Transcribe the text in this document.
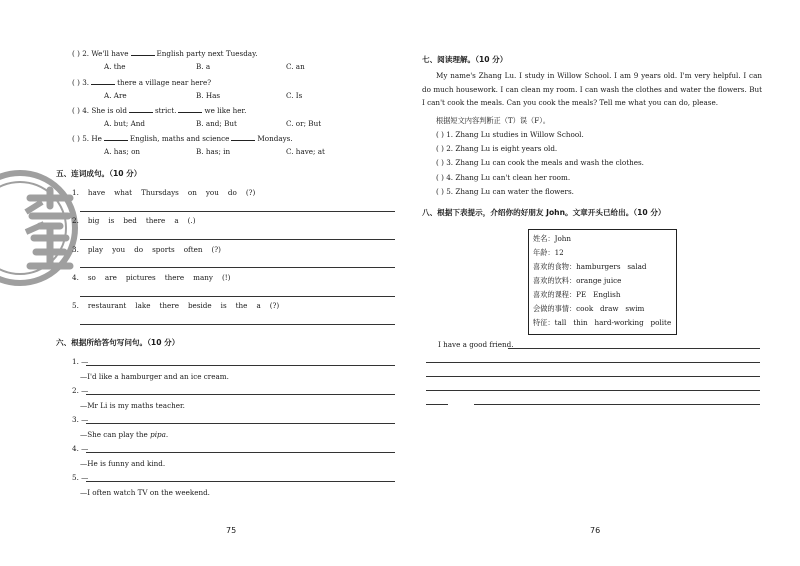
( ) 2. We'll have	English party next Tuesday.
A. the	B. a	C. an
( ) 3.	there a village near here?
A. Are	B. Has	C. Is
( ) 4. She is old	strict.	we like her.
A. but; And	B. and; But	C. or; But
( ) 5. He	English, maths and science	Mondays.
A. has; on	B. has; in	C. have; at
五、连词成句。（10 分）
1. have what Thursdays on you do (?)
2. big is bed there a (.)
3. play you do sports often (?)
4. so are pictures there many (!)
5. restaurant lake there beside is the a (?)
六、根据所给答句写问句。（10 分）
1. —
—I'd like a hamburger and an ice cream.
2. —
—Mr Li is my maths teacher.
3. —
—She can play the pipa.
4. —
—He is funny and kind.
5. —
—I often watch TV on the weekend.
75
七、阅读理解。（10 分）
My name's Zhang Lu. I study in Willow School. I am 9 years old. I'm very helpful. I can do much housework. I can clean my room. I can wash the clothes and water the flowers. But I can't cook the meals. Can you cook the meals? Tell me what you can do, please.
根据短文内容判断正（T）误（F）。
( ) 1. Zhang Lu studies in Willow School.
( ) 2. Zhang Lu is eight years old.
( ) 3. Zhang Lu can cook the meals and wash the clothes.
( ) 4. Zhang Lu can't clean her room.
( ) 5. Zhang Lu can water the flowers.
八、根据下表提示，介绍你的好朋友 John。文章开头已给出。（10 分）
姓名：John
年龄：12
喜欢的食物：hamburgers   salad
喜欢的饮料：orange juice
喜欢的课程：PE   English
会做的事情：cook   draw   swim
特征：tall   thin   hard-working   polite
I have a good friend.
76
